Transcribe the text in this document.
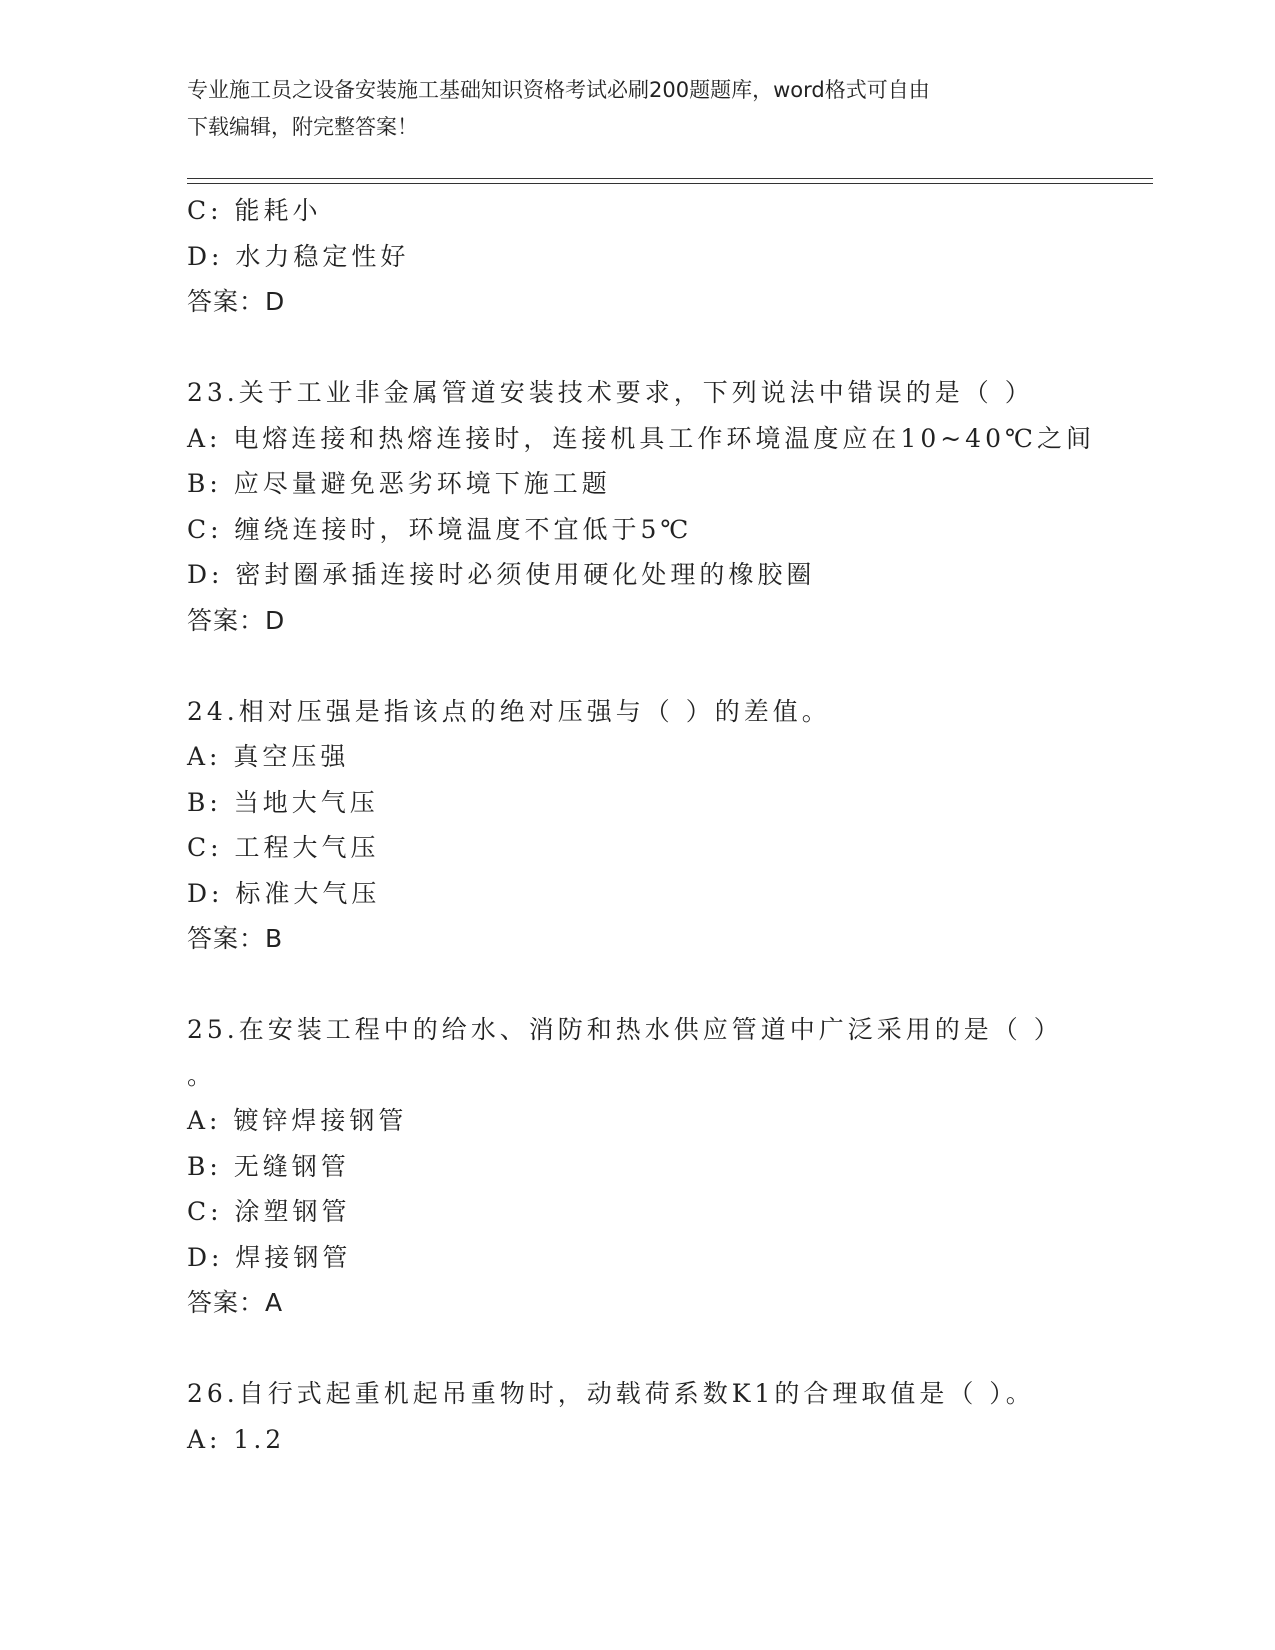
专业施工员之设备安装施工基础知识资格考试必刷200题题库，word格式可自由
下载编辑，附完整答案！
C: 能耗小
D: 水力稳定性好
答案：D
23.关于工业非金属管道安装技术要求，下列说法中错误的是（ ）
A: 电熔连接和热熔连接时，连接机具工作环境温度应在10~40℃之间
B: 应尽量避免恶劣环境下施工题
C: 缠绕连接时，环境温度不宜低于5℃
D: 密封圈承插连接时必须使用硬化处理的橡胶圈
答案：D
24.相对压强是指该点的绝对压强与（ ）的差值。
A: 真空压强
B: 当地大气压
C: 工程大气压
D: 标准大气压
答案：B
25.在安装工程中的给水、消防和热水供应管道中广泛采用的是（ ）
。
A: 镀锌焊接钢管
B: 无缝钢管
C: 涂塑钢管
D: 焊接钢管
答案：A
26.自行式起重机起吊重物时，动载荷系数K1的合理取值是（ ）。
A: 1.2
